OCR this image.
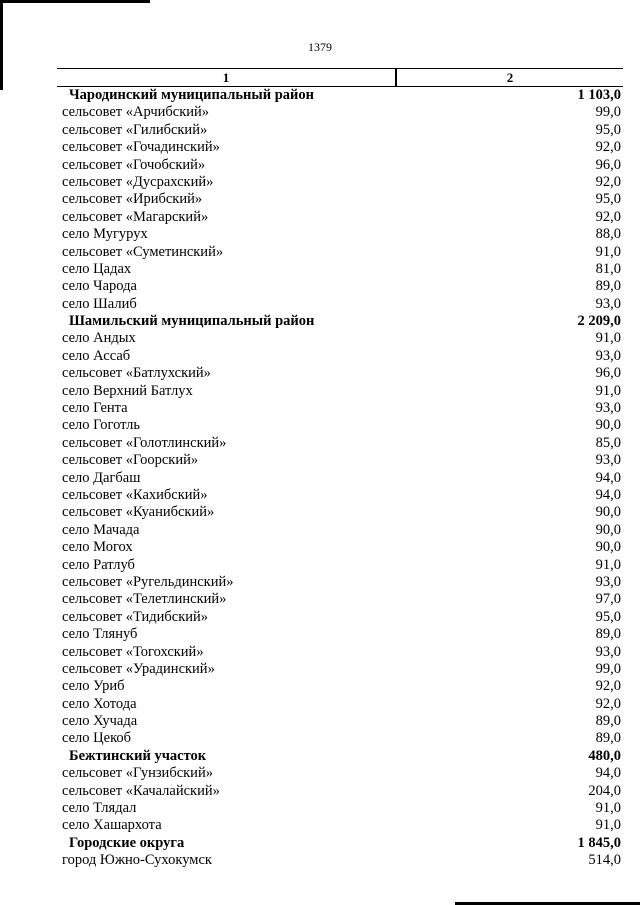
1379
1	2
Чародинский муниципальный район	1 103,0
сельсовет «Арчибский»	99,0
сельсовет «Гилибский»	95,0
сельсовет «Гочадинский»	92,0
сельсовет «Гочобский»	96,0
сельсовет «Дусрахский»	92,0
сельсовет «Ирибский»	95,0
сельсовет «Магарский»	92,0
село Мугурух	88,0
сельсовет «Суметинский»	91,0
село Цадах	81,0
село Чарода	89,0
село Шалиб	93,0
Шамильский муниципальный район	2 209,0
село Андых	91,0
село Ассаб	93,0
сельсовет «Батлухский»	96,0
село Верхний Батлух	91,0
село Гента	93,0
село Гоготль	90,0
сельсовет «Голотлинский»	85,0
сельсовет «Гоорский»	93,0
село Дагбаш	94,0
сельсовет «Кахибский»	94,0
сельсовет «Куанибский»	90,0
село Мачада	90,0
село Могох	90,0
село Ратлуб	91,0
сельсовет «Ругельдинский»	93,0
сельсовет «Телетлинский»	97,0
сельсовет «Тидибский»	95,0
село Тлянуб	89,0
сельсовет «Тогохский»	93,0
сельсовет «Урадинский»	99,0
село Уриб	92,0
село Хотода	92,0
село Хучада	89,0
село Цекоб	89,0
Бежтинский участок	480,0
сельсовет «Гунзибский»	94,0
сельсовет «Качалайский»	204,0
село Тлядал	91,0
село Хашархота	91,0
Городские округа	1 845,0
город Южно-Сухокумск	514,0
